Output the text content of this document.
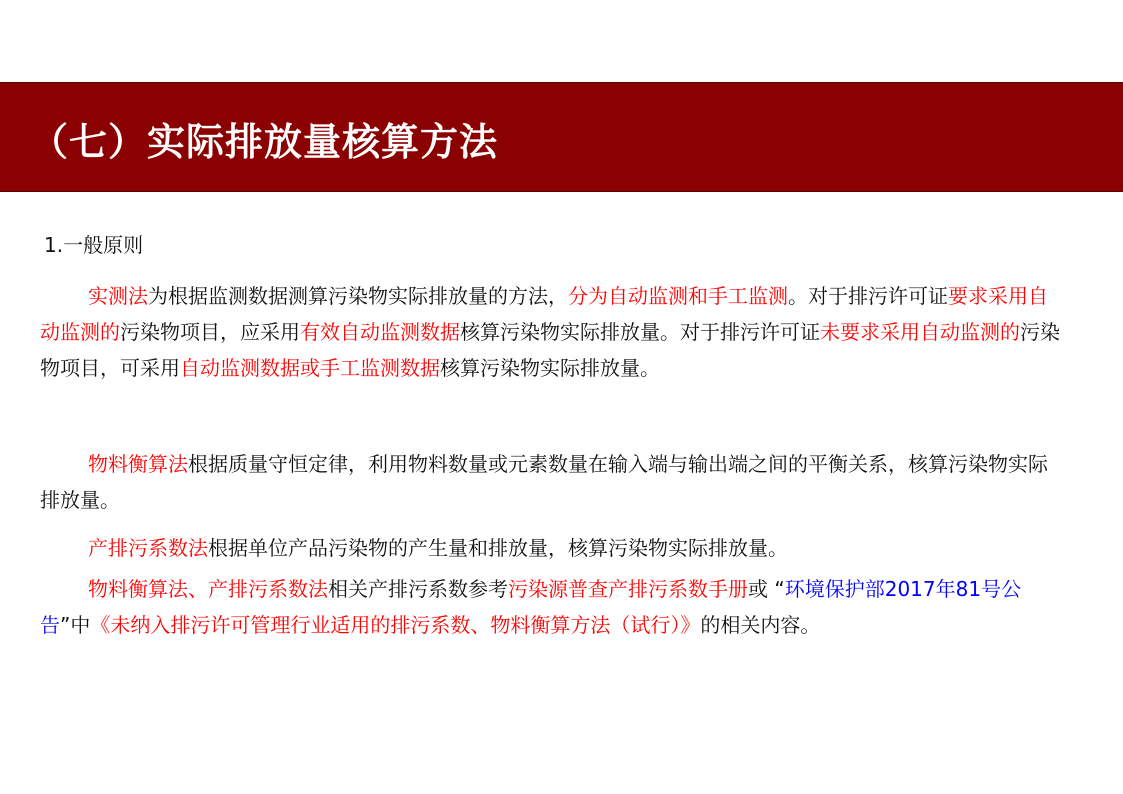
（七）实际排放量核算方法
1.一般原则

实测法为根据监测数据测算污染物实际排放量的方法，分为自动监测和手工监测。对于排污许可证要求采用自动监测的污染物项目，应采用有效自动监测数据核算污染物实际排放量。对于排污许可证未要求采用自动监测的污染物项目，可采用自动监测数据或手工监测数据核算污染物实际排放量。

物料衡算法根据质量守恒定律，利用物料数量或元素数量在输入端与输出端之间的平衡关系，核算污染物实际排放量。

产排污系数法根据单位产品污染物的产生量和排放量，核算污染物实际排放量。

物料衡算法、产排污系数法相关产排污系数参考污染源普查产排污系数手册或 “环境保护部2017年81号公告”中《未纳入排污许可管理行业适用的排污系数、物料衡算方法（试行）》的相关内容。
